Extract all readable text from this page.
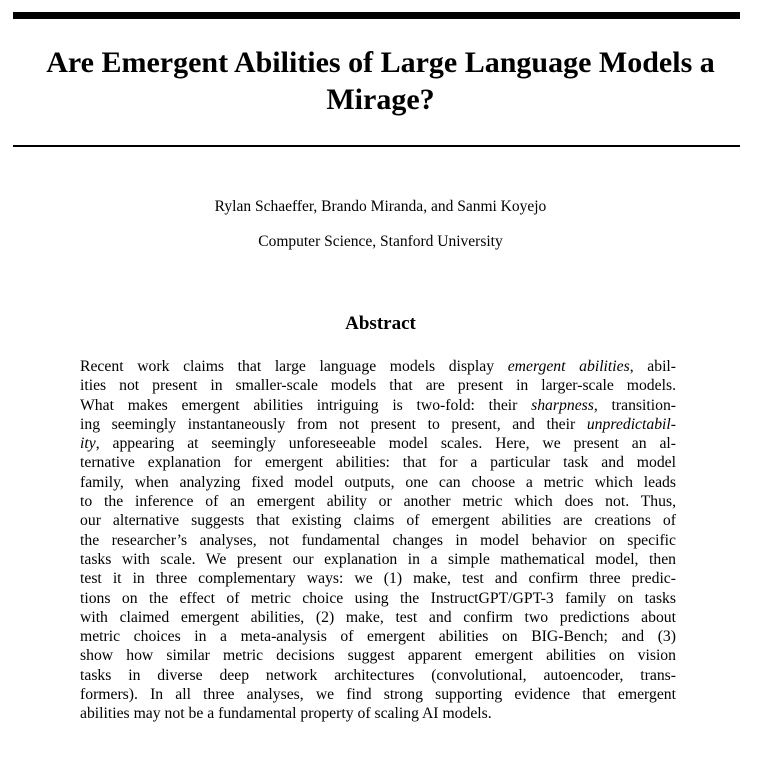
Are Emergent Abilities of Large Language Models a
Mirage?
Rylan Schaeffer, Brando Miranda, and Sanmi Koyejo
Computer Science, Stanford University
Abstract
Recent work claims that large language models display emergent abilities, abil-
ities not present in smaller-scale models that are present in larger-scale models.
What makes emergent abilities intriguing is two-fold: their sharpness, transition-
ing seemingly instantaneously from not present to present, and their unpredictabil-
ity, appearing at seemingly unforeseeable model scales. Here, we present an al-
ternative explanation for emergent abilities: that for a particular task and model
family, when analyzing fixed model outputs, one can choose a metric which leads
to the inference of an emergent ability or another metric which does not. Thus,
our alternative suggests that existing claims of emergent abilities are creations of
the researcher’s analyses, not fundamental changes in model behavior on specific
tasks with scale. We present our explanation in a simple mathematical model, then
test it in three complementary ways: we (1) make, test and confirm three predic-
tions on the effect of metric choice using the InstructGPT/GPT-3 family on tasks
with claimed emergent abilities, (2) make, test and confirm two predictions about
metric choices in a meta-analysis of emergent abilities on BIG-Bench; and (3)
show how similar metric decisions suggest apparent emergent abilities on vision
tasks in diverse deep network architectures (convolutional, autoencoder, trans-
formers). In all three analyses, we find strong supporting evidence that emergent
abilities may not be a fundamental property of scaling AI models.
